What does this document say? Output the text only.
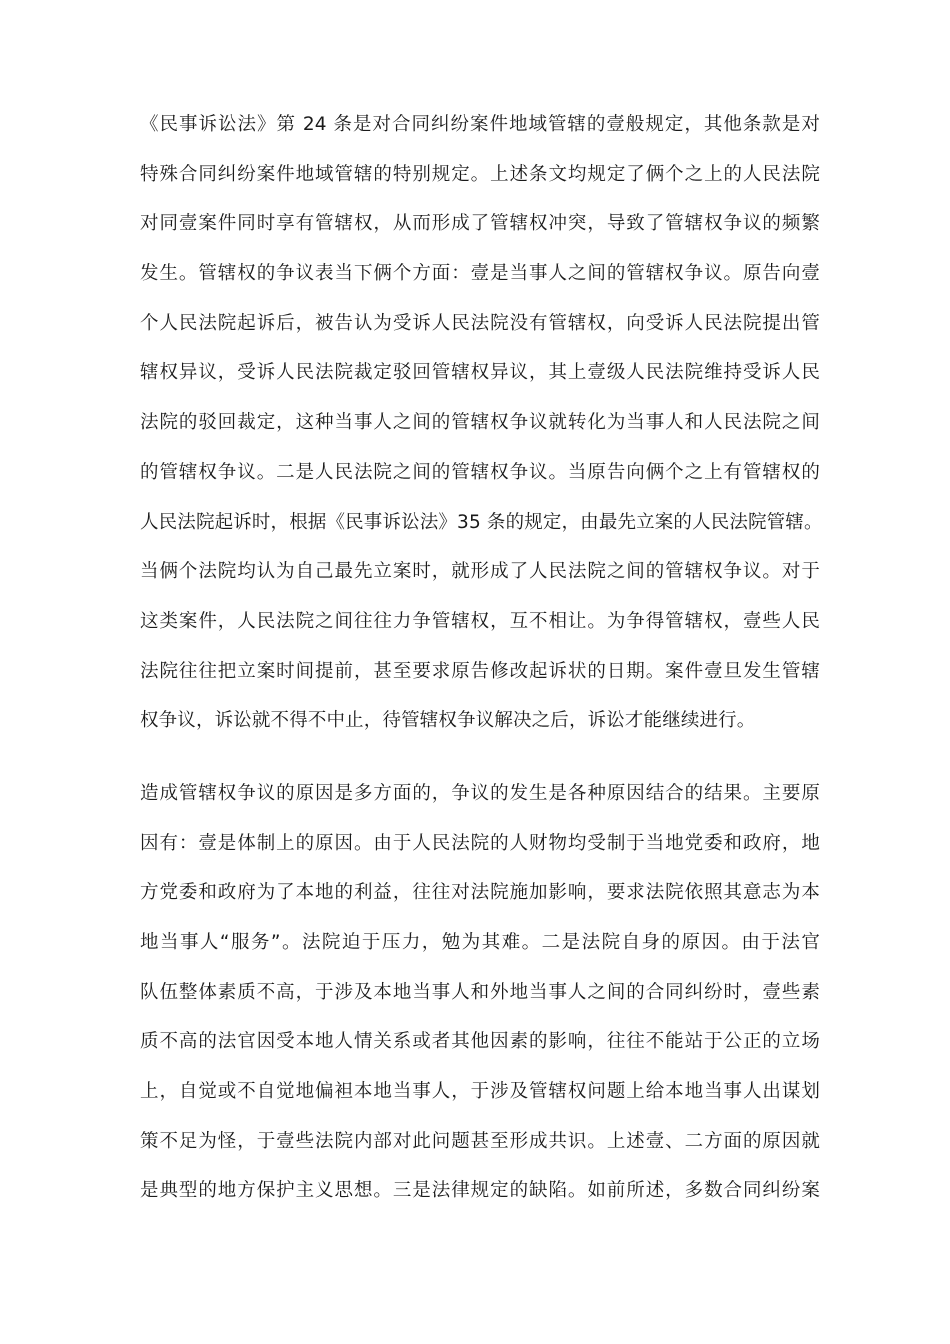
《民事诉讼法》第 24 条是对合同纠纷案件地域管辖的壹般规定，其他条款是对
特殊合同纠纷案件地域管辖的特别规定。上述条文均规定了俩个之上的人民法院
对同壹案件同时享有管辖权，从而形成了管辖权冲突，导致了管辖权争议的频繁
发生。管辖权的争议表当下俩个方面：壹是当事人之间的管辖权争议。原告向壹
个人民法院起诉后，被告认为受诉人民法院没有管辖权，向受诉人民法院提出管
辖权异议，受诉人民法院裁定驳回管辖权异议，其上壹级人民法院维持受诉人民
法院的驳回裁定，这种当事人之间的管辖权争议就转化为当事人和人民法院之间
的管辖权争议。二是人民法院之间的管辖权争议。当原告向俩个之上有管辖权的
人民法院起诉时，根据《民事诉讼法》35 条的规定，由最先立案的人民法院管辖。
当俩个法院均认为自己最先立案时，就形成了人民法院之间的管辖权争议。对于
这类案件，人民法院之间往往力争管辖权，互不相让。为争得管辖权，壹些人民
法院往往把立案时间提前，甚至要求原告修改起诉状的日期。案件壹旦发生管辖
权争议，诉讼就不得不中止，待管辖权争议解决之后，诉讼才能继续进行。
造成管辖权争议的原因是多方面的，争议的发生是各种原因结合的结果。主要原
因有：壹是体制上的原因。由于人民法院的人财物均受制于当地党委和政府，地
方党委和政府为了本地的利益，往往对法院施加影响，要求法院依照其意志为本
地当事人“服务”。法院迫于压力，勉为其难。二是法院自身的原因。由于法官
队伍整体素质不高，于涉及本地当事人和外地当事人之间的合同纠纷时，壹些素
质不高的法官因受本地人情关系或者其他因素的影响，往往不能站于公正的立场
上，自觉或不自觉地偏袒本地当事人，于涉及管辖权问题上给本地当事人出谋划
策不足为怪，于壹些法院内部对此问题甚至形成共识。上述壹、二方面的原因就
是典型的地方保护主义思想。三是法律规定的缺陷。如前所述，多数合同纠纷案
